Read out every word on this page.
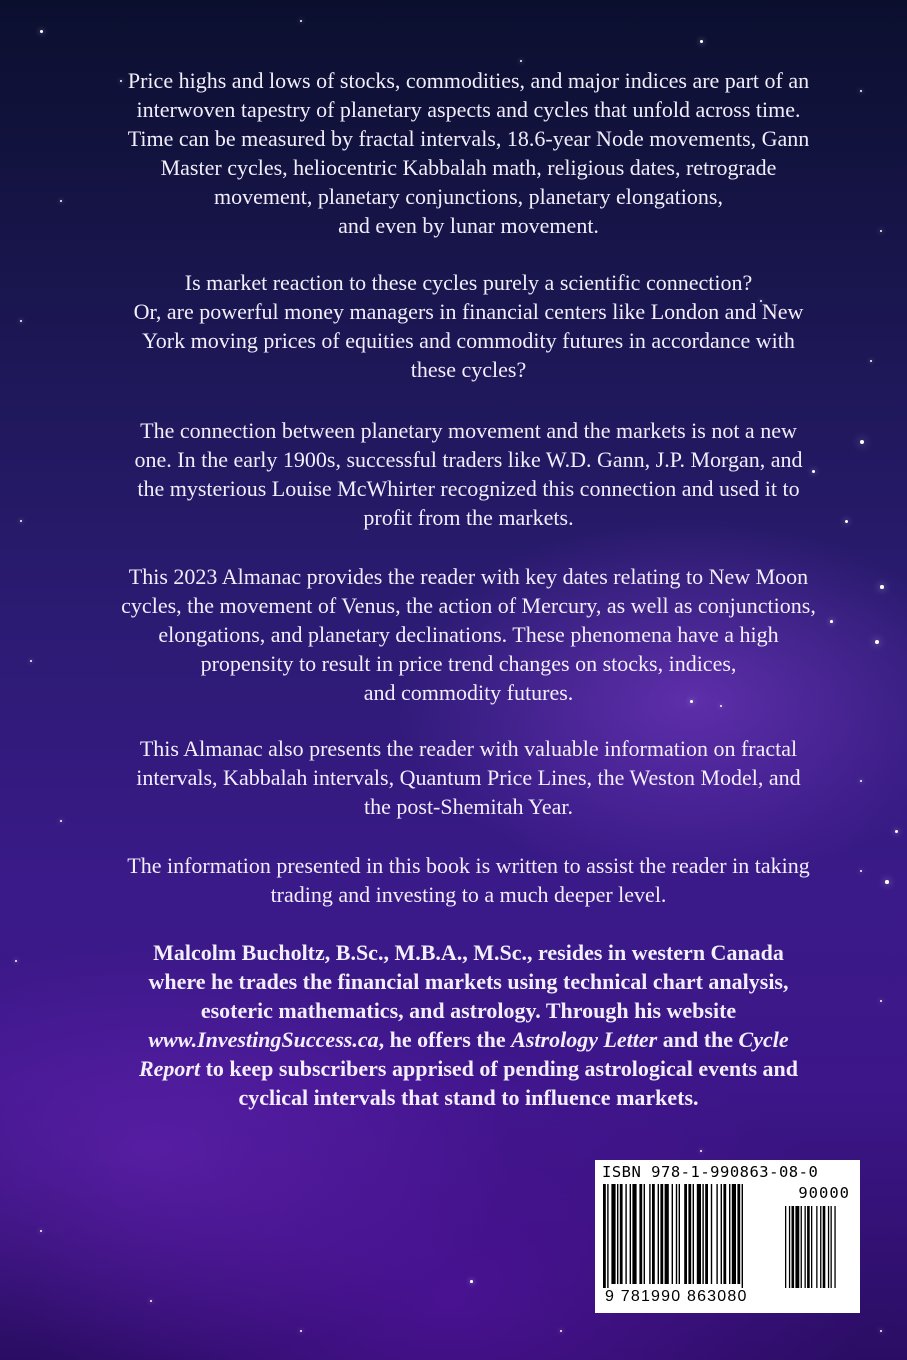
Price highs and lows of stocks, commodities, and major indices are part of an

interwoven tapestry of planetary aspects and cycles that unfold across time.

Time can be measured by fractal intervals, 18.6-year Node movements, Gann

Master cycles, heliocentric Kabbalah math, religious dates, retrograde

movement, planetary conjunctions, planetary elongations,

and even by lunar movement.

Is market reaction to these cycles purely a scientific connection?

Or, are powerful money managers in financial centers like London and New

York moving prices of equities and commodity futures in accordance with

these cycles?

The connection between planetary movement and the markets is not a new

one. In the early 1900s, successful traders like W.D. Gann, J.P. Morgan, and

the mysterious Louise McWhirter recognized this connection and used it to

profit from the markets.

This 2023 Almanac provides the reader with key dates relating to New Moon

cycles, the movement of Venus, the action of Mercury, as well as conjunctions,

elongations, and planetary declinations. These phenomena have a high

propensity to result in price trend changes on stocks, indices,

and commodity futures.

This Almanac also presents the reader with valuable information on fractal

intervals, Kabbalah intervals, Quantum Price Lines, the Weston Model, and

the post-Shemitah Year.

The information presented in this book is written to assist the reader in taking

trading and investing to a much deeper level.

Malcolm Bucholtz, B.Sc., M.B.A., M.Sc., resides in western Canada

where he trades the financial markets using technical chart analysis,

esoteric mathematics, and astrology. Through his website

www.InvestingSuccess.ca, he offers the Astrology Letter and the Cycle

Report to keep subscribers apprised of pending astrological events and

cyclical intervals that stand to influence markets.

ISBN 978-1-990863-08-0
90000
9 781990 863080
